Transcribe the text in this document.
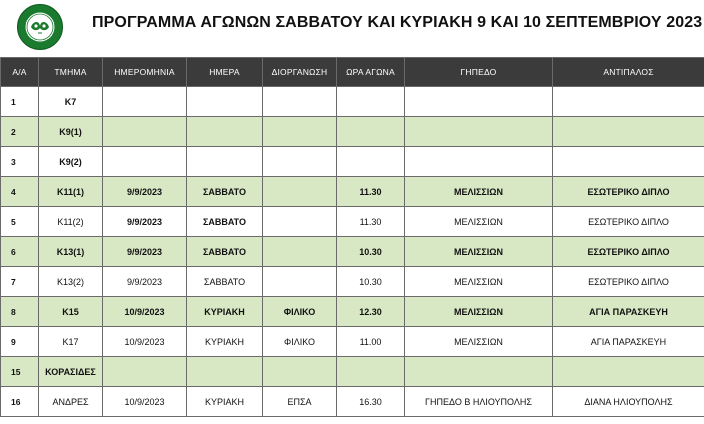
ΠΡΟΓΡΑΜΜΑ ΑΓΩΝΩΝ ΣΑΒΒΑΤΟΥ ΚΑΙ ΚΥΡΙΑΚΗ 9 ΚΑΙ 10 ΣΕΠΤΕΜΒΡΙΟΥ 2023
Α/Α	ΤΜΗΜΑ	ΗΜΕΡΟΜΗΝΙΑ	ΗΜΕΡΑ	ΔΙΟΡΓΑΝΩΣΗ	ΩΡΑ ΑΓΩΝΑ	ΓΗΠΕΔΟ	ΑΝΤΙΠΑΛΟΣ
1	Κ7						
2	Κ9(1)						
3	Κ9(2)						
4	Κ11(1)	9/9/2023	ΣΑΒΒΑΤΟ		11.30	ΜΕΛΙΣΣΙΩΝ	ΕΣΩΤΕΡΙΚΟ ΔΙΠΛΟ
5	Κ11(2)	9/9/2023	ΣΑΒΒΑΤΟ		11.30	ΜΕΛΙΣΣΙΩΝ	ΕΣΩΤΕΡΙΚΟ ΔΙΠΛΟ
6	Κ13(1)	9/9/2023	ΣΑΒΒΑΤΟ		10.30	ΜΕΛΙΣΣΙΩΝ	ΕΣΩΤΕΡΙΚΟ ΔΙΠΛΟ
7	Κ13(2)	9/9/2023	ΣΑΒΒΑΤΟ		10.30	ΜΕΛΙΣΣΙΩΝ	ΕΣΩΤΕΡΙΚΟ ΔΙΠΛΟ
8	Κ15	10/9/2023	ΚΥΡΙΑΚΗ	ΦΙΛΙΚΟ	12.30	ΜΕΛΙΣΣΙΩΝ	ΑΓΙΑ ΠΑΡΑΣΚΕΥΗ
9	Κ17	10/9/2023	ΚΥΡΙΑΚΗ	ΦΙΛΙΚΟ	11.00	ΜΕΛΙΣΣΙΩΝ	ΑΓΙΑ ΠΑΡΑΣΚΕΥΗ
15	ΚΟΡΑΣΙΔΕΣ						
16	ΑΝΔΡΕΣ	10/9/2023	ΚΥΡΙΑΚΗ	ΕΠΣΑ	16.30	ΓΗΠΕΔΟ Β ΗΛΙΟΥΠΟΛΗΣ	ΔΙΑΝΑ ΗΛΙΟΥΠΟΛΗΣ
